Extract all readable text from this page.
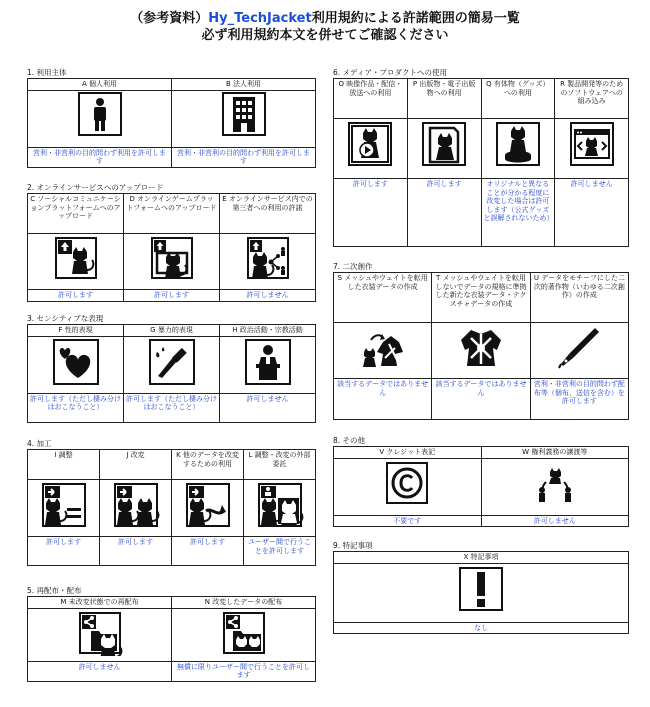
（参考資料）Hy_TechJacket利用規約による許諾範囲の簡易一覧
必ず利用規約本文を併せてご確認ください
1. 利用主体
A 個人利用	B 法人利用

営利・非営利の目的問わず利用を許可します	営利・非営利の目的問わず利用を許可します
2. オンラインサービスへのアップロード
C ソーシャルコミュニケーションプラットフォームへのアップロード	D オンラインゲームプラットフォームへのアップロード	E オンラインサービス内での第三者への利用の許諾

許可します	許可します	許可しません
3. センシティブな表現
F 性的表現	G 暴力的表現	H 政治活動・宗教活動

許可します（ただし棲み分けはおこなうこと）	許可します（ただし棲み分けはおこなうこと）	許可しません
4. 加工
I 調整	J 改変	K 他のデータを改変するための利用	L 調整・改変の外部委託

許可します	許可します	許可します	ユーザー間で行うことを許可します
5. 再配布・配布
M 未改変状態での再配布	N 改変したデータの配布

許可しません	無償に限りユーザー間で行うことを許可します
6. メディア・プロダクトへの使用
O 映像作品・配信・放送への利用	P 出版物・電子出版物への利用	Q 有体物（グッズ）への利用	R 製品開発等のためのソフトウェアへの組み込み

許可します	許可します	オリジナルと異なることが分かる程度に改変した場合は許可します（公式グッズと誤解されないため）	許可しません
7. 二次創作
S メッシュやウェイトを転用した衣装データの作成	T メッシュやウェイトを転用しないでデータの規格に準拠した新たな衣装データ・テクスチャデータの作成	U データをモチーフにした二次的著作物（いわゆる二次創作）の作成

該当するデータではありません	該当するデータではありません	営利・非営利の目的問わず配布等（個布、送信を含む）を許可します
8. その他
V クレジット表記	W 権利義務の譲渡等

不要です	許可しません
9. 特記事項
X 特記事項

なし
